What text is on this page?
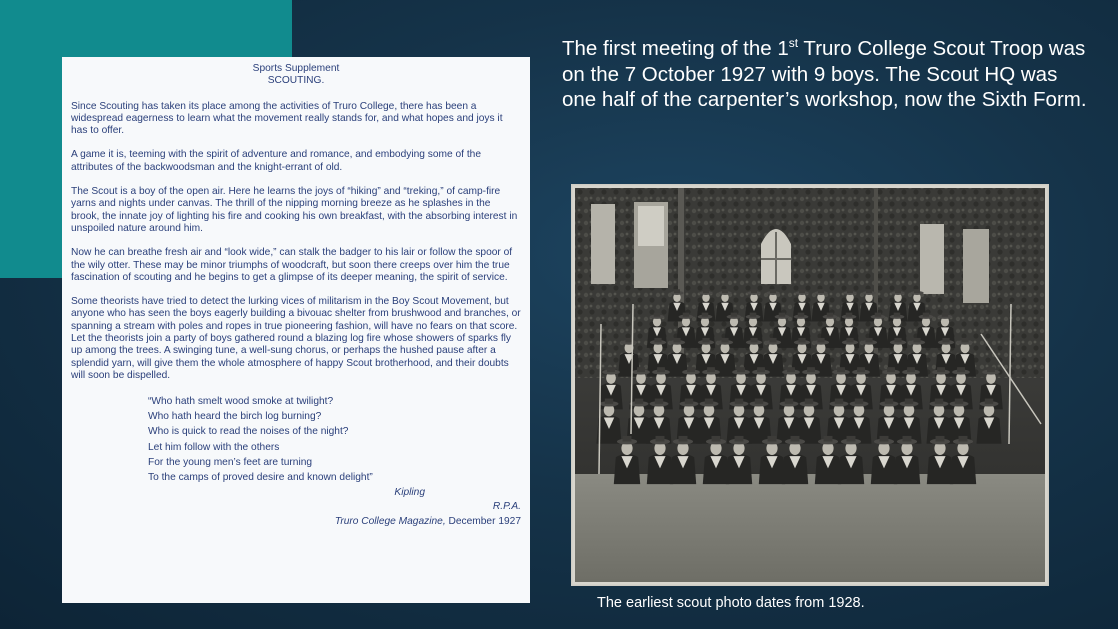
Sports Supplement

SCOUTING.

Since Scouting has taken its place among the activities of Truro College, there has been a widespread eagerness to learn what the movement really stands for, and what hopes and joys it has to offer.

A game it is, teeming with the spirit of adventure and romance, and embodying some of the attributes of the backwoodsman and the knight-errant of old.

The Scout is a boy of the open air. Here he learns the joys of “hiking” and “treking,” of camp-fire yarns and nights under canvas. The thrill of the nipping morning breeze as he splashes in the brook, the innate joy of lighting his fire and cooking his own breakfast, with the absorbing interest in unspoiled nature around him.

Now he can breathe fresh air and “look wide,” can stalk the badger to his lair or follow the spoor of the wily otter. These may be minor triumphs of woodcraft, but soon there creeps over him the true fascination of scouting and he begins to get a glimpse of its deeper meaning, the spirit of service.

Some theorists have tried to detect the lurking vices of militarism in the Boy Scout Movement, but anyone who has seen the boys eagerly building a bivouac shelter from brushwood and branches, or spanning a stream with poles and ropes in true pioneering fashion, will have no fears on that score. Let the theorists join a party of boys gathered round a blazing log fire whose showers of sparks fly up among the trees. A swinging tune, a well-sung chorus, or perhaps the hushed pause after a splendid yarn, will give them the whole atmosphere of happy Scout brotherhood, and their doubts will soon be dispelled.

“Who hath smelt wood smoke at twilight?
Who hath heard the birch log burning?
Who is quick to read the noises of the night?
Let him follow with the others
For the young men’s feet are turning
To the camps of proved desire and known delight”
Kipling
R.P.A.
Truro College Magazine, December 1927

The first meeting of the 1st Truro College Scout Troop was on the 7 October 1927 with 9 boys. The Scout HQ was one half of the carpenter’s workshop, now the Sixth Form.

The earliest scout photo dates from 1928.
